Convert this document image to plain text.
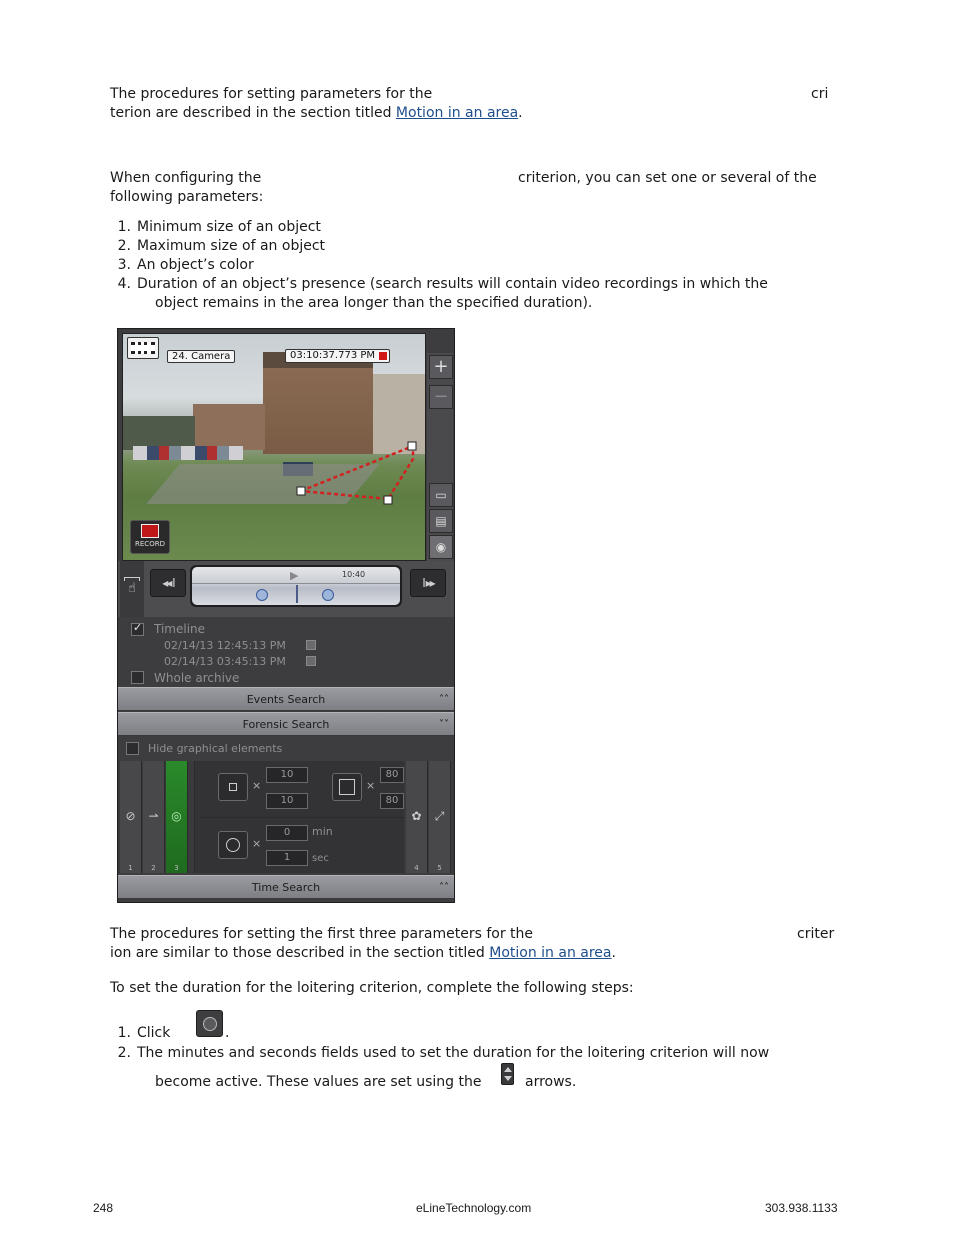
The procedures for setting parameters for the	cri
terion are described in the section titled Motion in an area.
When configuring the	criterion, you can set one or several of the
following parameters:
1. Minimum size of an object
2. Maximum size of an object
3. An object’s color
4. Duration of an object’s presence (search results will contain video recordings in which the
object remains in the area longer than the specified duration).
24. Camera	03:10:37.773 PM
RECORD
+
−
▭
▤
◉
☝	◂◂ I
▶	10:40
I ▸▸
✓
Timeline
02/14/13 12:45:13 PM
02/14/13 03:45:13 PM
Whole archive
Events Search	˄˄
Forensic Search	˅˅
Hide graphical elements
⊘
1
⇀
2
◎
3
×
10
10
×
80
80
×
0	min
1	sec
✿
4
⤢
5
Time Search	˄˄
The procedures for setting the first three parameters for the	criter
ion are similar to those described in the section titled Motion in an area.
To set the duration for the loitering criterion, complete the following steps:
1. Click	.
2. The minutes and seconds fields used to set the duration for the loitering criterion will now
become active. These values are set using the	arrows.
248	eLineTechnology.com	303.938.1133
